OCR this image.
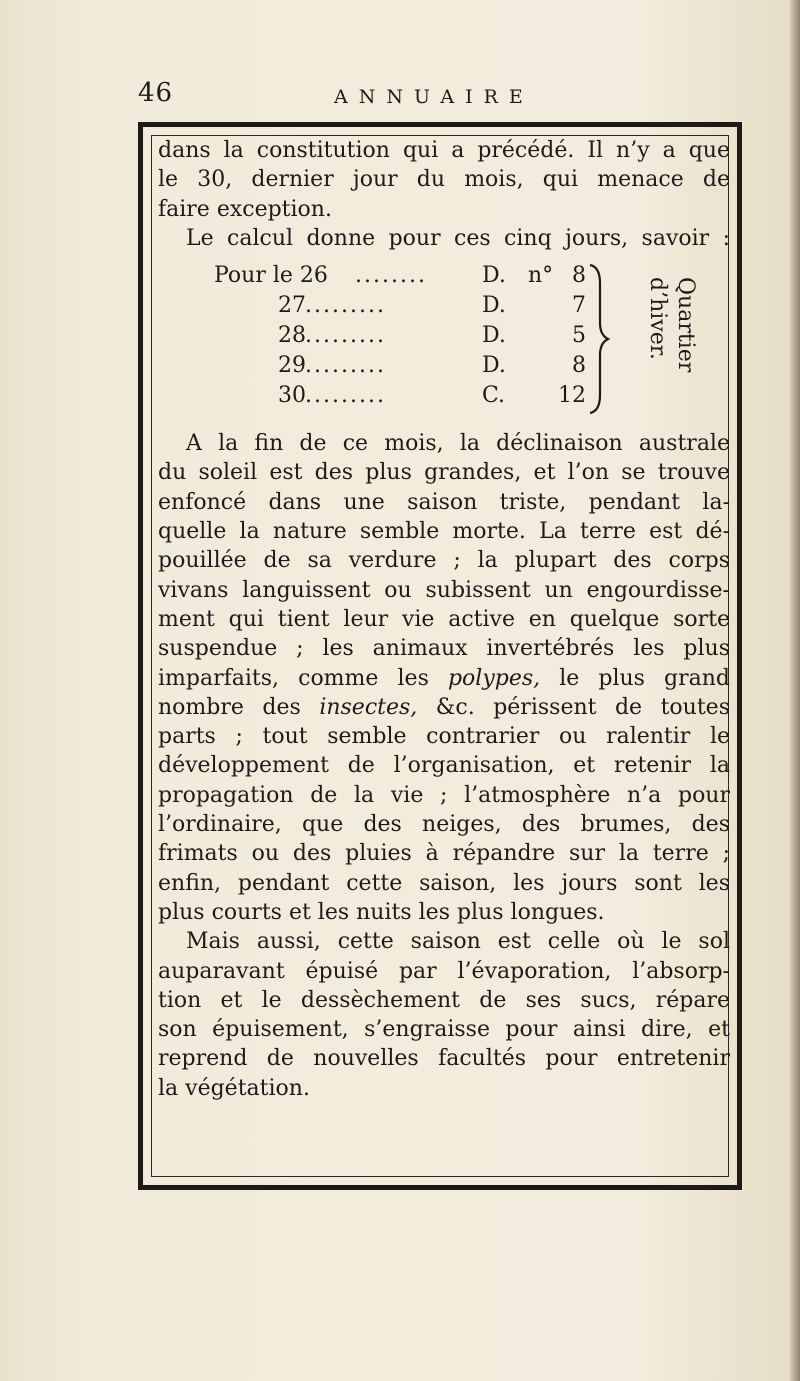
46	ANNUAIRE

dans la constitution qui a précédé. Il n’y a que
le 30, dernier jour du mois, qui menace de
faire exception.

Le calcul donne pour ces cinq jours, savoir :

Pour le 26 ........	D. n° 8
27 .........	D.	7
28 .........	D.	5
29 .........	D.	8
30 .........	C. 12
Quartier
d’hiver.

A la fin de ce mois, la déclinaison australe
du soleil est des plus grandes, et l’on se trouve
enfoncé dans une saison triste, pendant la-
quelle la nature semble morte. La terre est dé-
pouillée de sa verdure ; la plupart des corps
vivans languissent ou subissent un engourdisse-
ment qui tient leur vie active en quelque sorte
suspendue ; les animaux invertébrés les plus
imparfaits, comme les polypes, le plus grand
nombre des insectes, &c. périssent de toutes
parts ; tout semble contrarier ou ralentir le
développement de l’organisation, et retenir la
propagation de la vie ; l’atmosphère n’a pour
l’ordinaire, que des neiges, des brumes, des
frimats ou des pluies à répandre sur la terre ;
enfin, pendant cette saison, les jours sont les
plus courts et les nuits les plus longues.

Mais aussi, cette saison est celle où le sol
auparavant épuisé par l’évaporation, l’absorp-
tion et le dessèchement de ses sucs, répare
son épuisement, s’engraisse pour ainsi dire, et
reprend de nouvelles facultés pour entretenir
la végétation.
